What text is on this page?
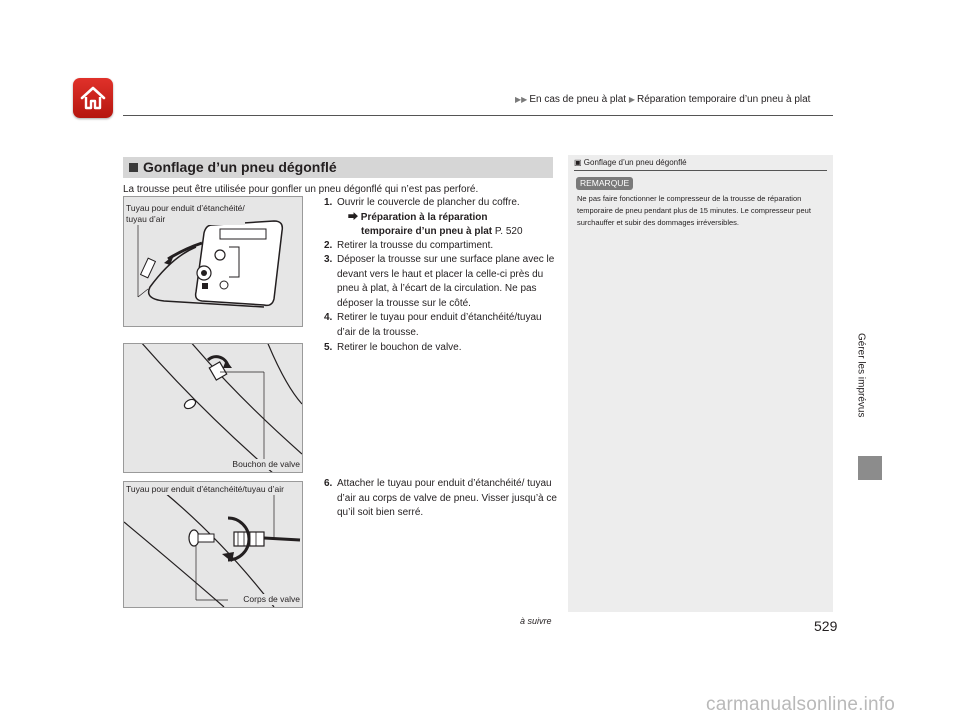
▶▶ En cas de pneu à plat ▶ Réparation temporaire d’un pneu à plat
Gérer les imprévus
Gonflage d’un pneu dégonflé
La trousse peut être utilisée pour gonfler un pneu dégonflé qui n’est pas perforé.
Tuyau pour enduit d’étanchéité/
tuyau d’air
Bouchon de valve
Tuyau pour enduit d’étanchéité/tuyau d’air
Corps de valve
1. Ouvrir le couvercle de plancher du coffre.
⮕ Préparation à la réparation
temporaire d’un pneu à plat P. 520
2. Retirer la trousse du compartiment.
3. Déposer la trousse sur une surface plane avec le devant vers le haut et placer la celle-ci près du pneu à plat, à l’écart de la circulation. Ne pas déposer la trousse sur le côté.
4. Retirer le tuyau pour enduit d’étanchéité/tuyau d’air de la trousse.
5. Retirer le bouchon de valve.
6. Attacher le tuyau pour enduit d’étanchéité/ tuyau d’air au corps de valve de pneu. Visser jusqu’à ce qu’il soit bien serré.
▣ Gonflage d’un pneu dégonflé
REMARQUE
Ne pas faire fonctionner le compresseur de la trousse de réparation temporaire de pneu pendant plus de 15 minutes. Le compresseur peut surchauffer et subir des dommages irréversibles.
à suivre	529
carmanualsonline.info
